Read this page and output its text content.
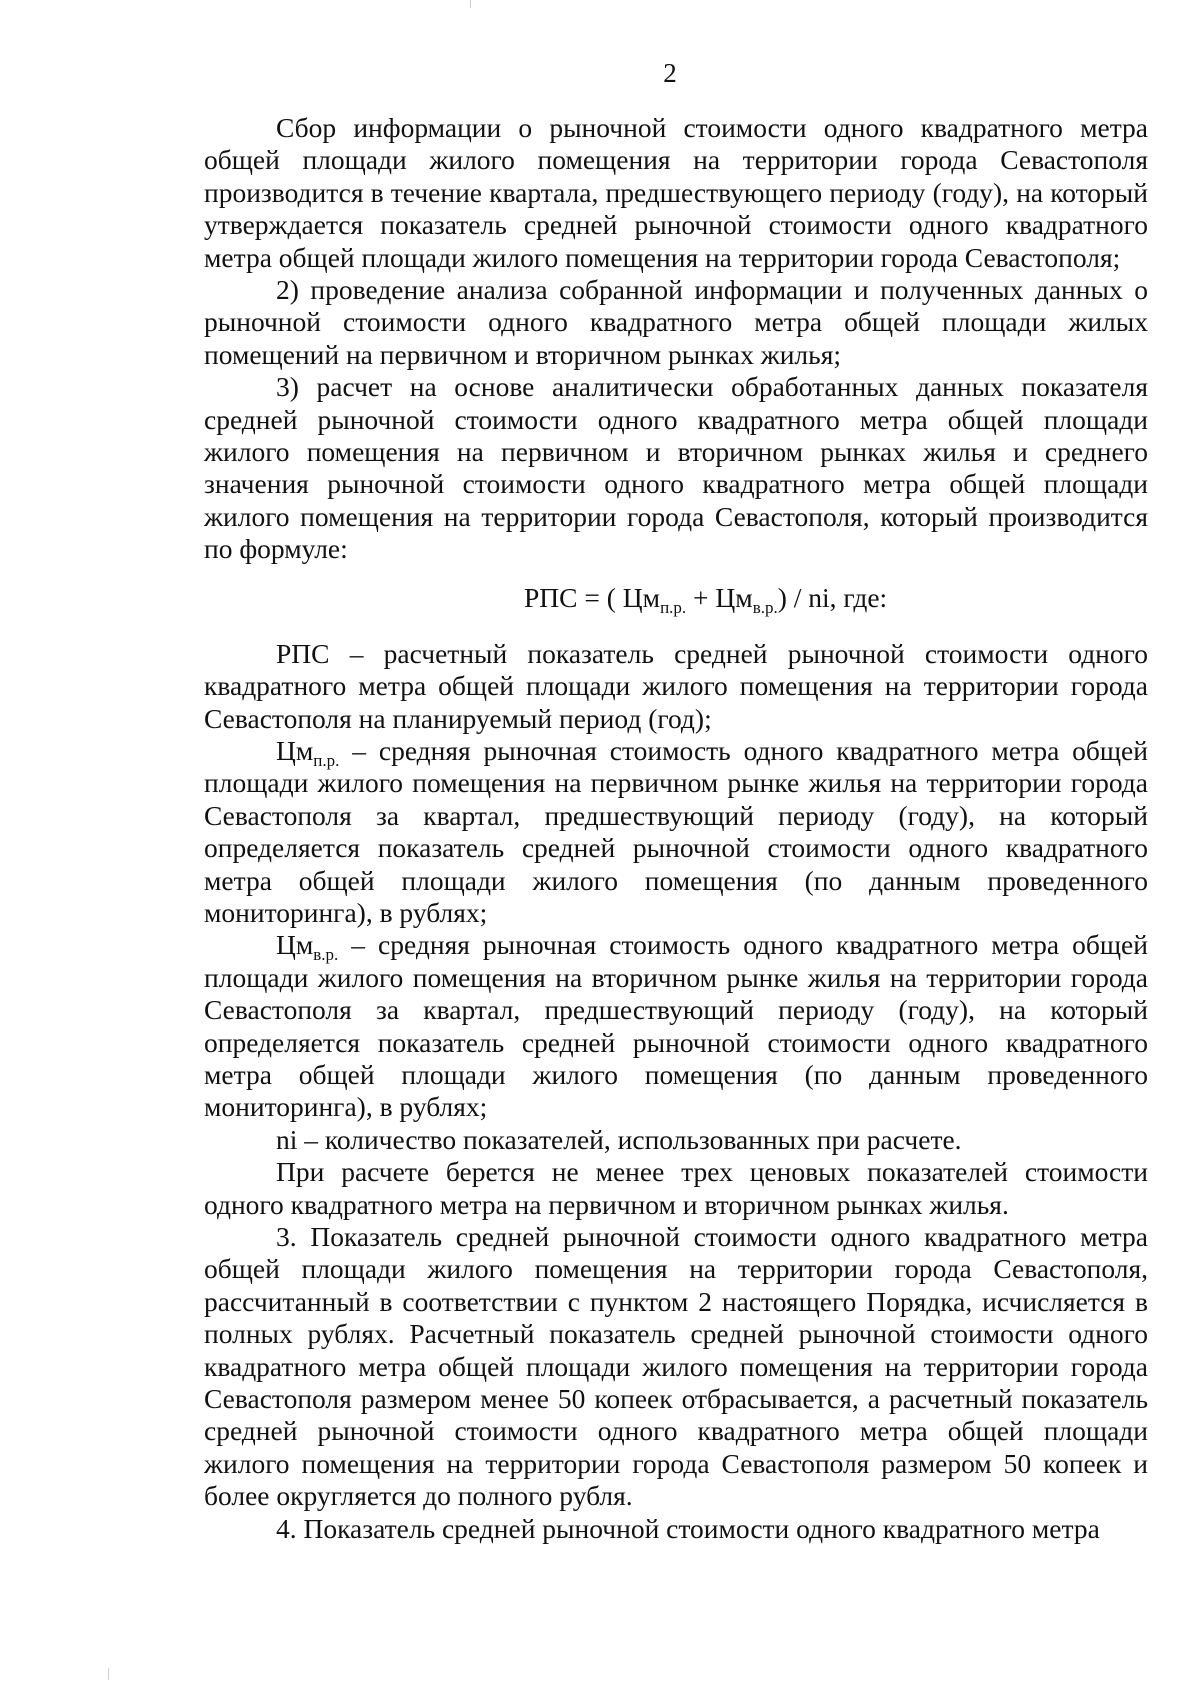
2

Сбор информации о рыночной стоимости одного квадратного метра общей площади жилого помещения на территории города Севастополя производится в течение квартала, предшествующего периоду (году), на который утверждается показатель средней рыночной стоимости одного квадратного метра общей площади жилого помещения на территории города Севастополя;

2) проведение анализа собранной информации и полученных данных о рыночной стоимости одного квадратного метра общей площади жилых помещений на первичном и вторичном рынках жилья;

3) расчет на основе аналитически обработанных данных показателя средней рыночной стоимости одного квадратного метра общей площади жилого помещения на первичном и вторичном рынках жилья и среднего значения рыночной стоимости одного квадратного метра общей площади жилого помещения на территории города Севастополя, который производится по формуле:

РПС = ( $Цм_{п.р.} + Цм_{в.р.}$) / ni, где:

РПС – расчетный показатель средней рыночной стоимости одного квадратного метра общей площади жилого помещения на территории города Севастополя на планируемый период (год);

$Цм_{п.р.}$ – средняя рыночная стоимость одного квадратного метра общей площади жилого помещения на первичном рынке жилья на территории города Севастополя за квартал, предшествующий периоду (году), на который определяется показатель средней рыночной стоимости одного квадратного метра общей площади жилого помещения (по данным проведенного мониторинга), в рублях;

$Цм_{в.р.}$ – средняя рыночная стоимость одного квадратного метра общей площади жилого помещения на вторичном рынке жилья на территории города Севастополя за квартал, предшествующий периоду (году), на который определяется показатель средней рыночной стоимости одного квадратного метра общей площади жилого помещения (по данным проведенного мониторинга), в рублях;

ni – количество показателей, использованных при расчете.

При расчете берется не менее трех ценовых показателей стоимости одного квадратного метра на первичном и вторичном рынках жилья.

3. Показатель средней рыночной стоимости одного квадратного метра общей площади жилого помещения на территории города Севастополя, рассчитанный в соответствии с пунктом 2 настоящего Порядка, исчисляется в полных рублях. Расчетный показатель средней рыночной стоимости одного квадратного метра общей площади жилого помещения на территории города Севастополя размером менее 50 копеек отбрасывается, а расчетный показатель средней рыночной стоимости одного квадратного метра общей площади жилого помещения на территории города Севастополя размером 50 копеек и более округляется до полного рубля.

4. Показатель средней рыночной стоимости одного квадратного метра
